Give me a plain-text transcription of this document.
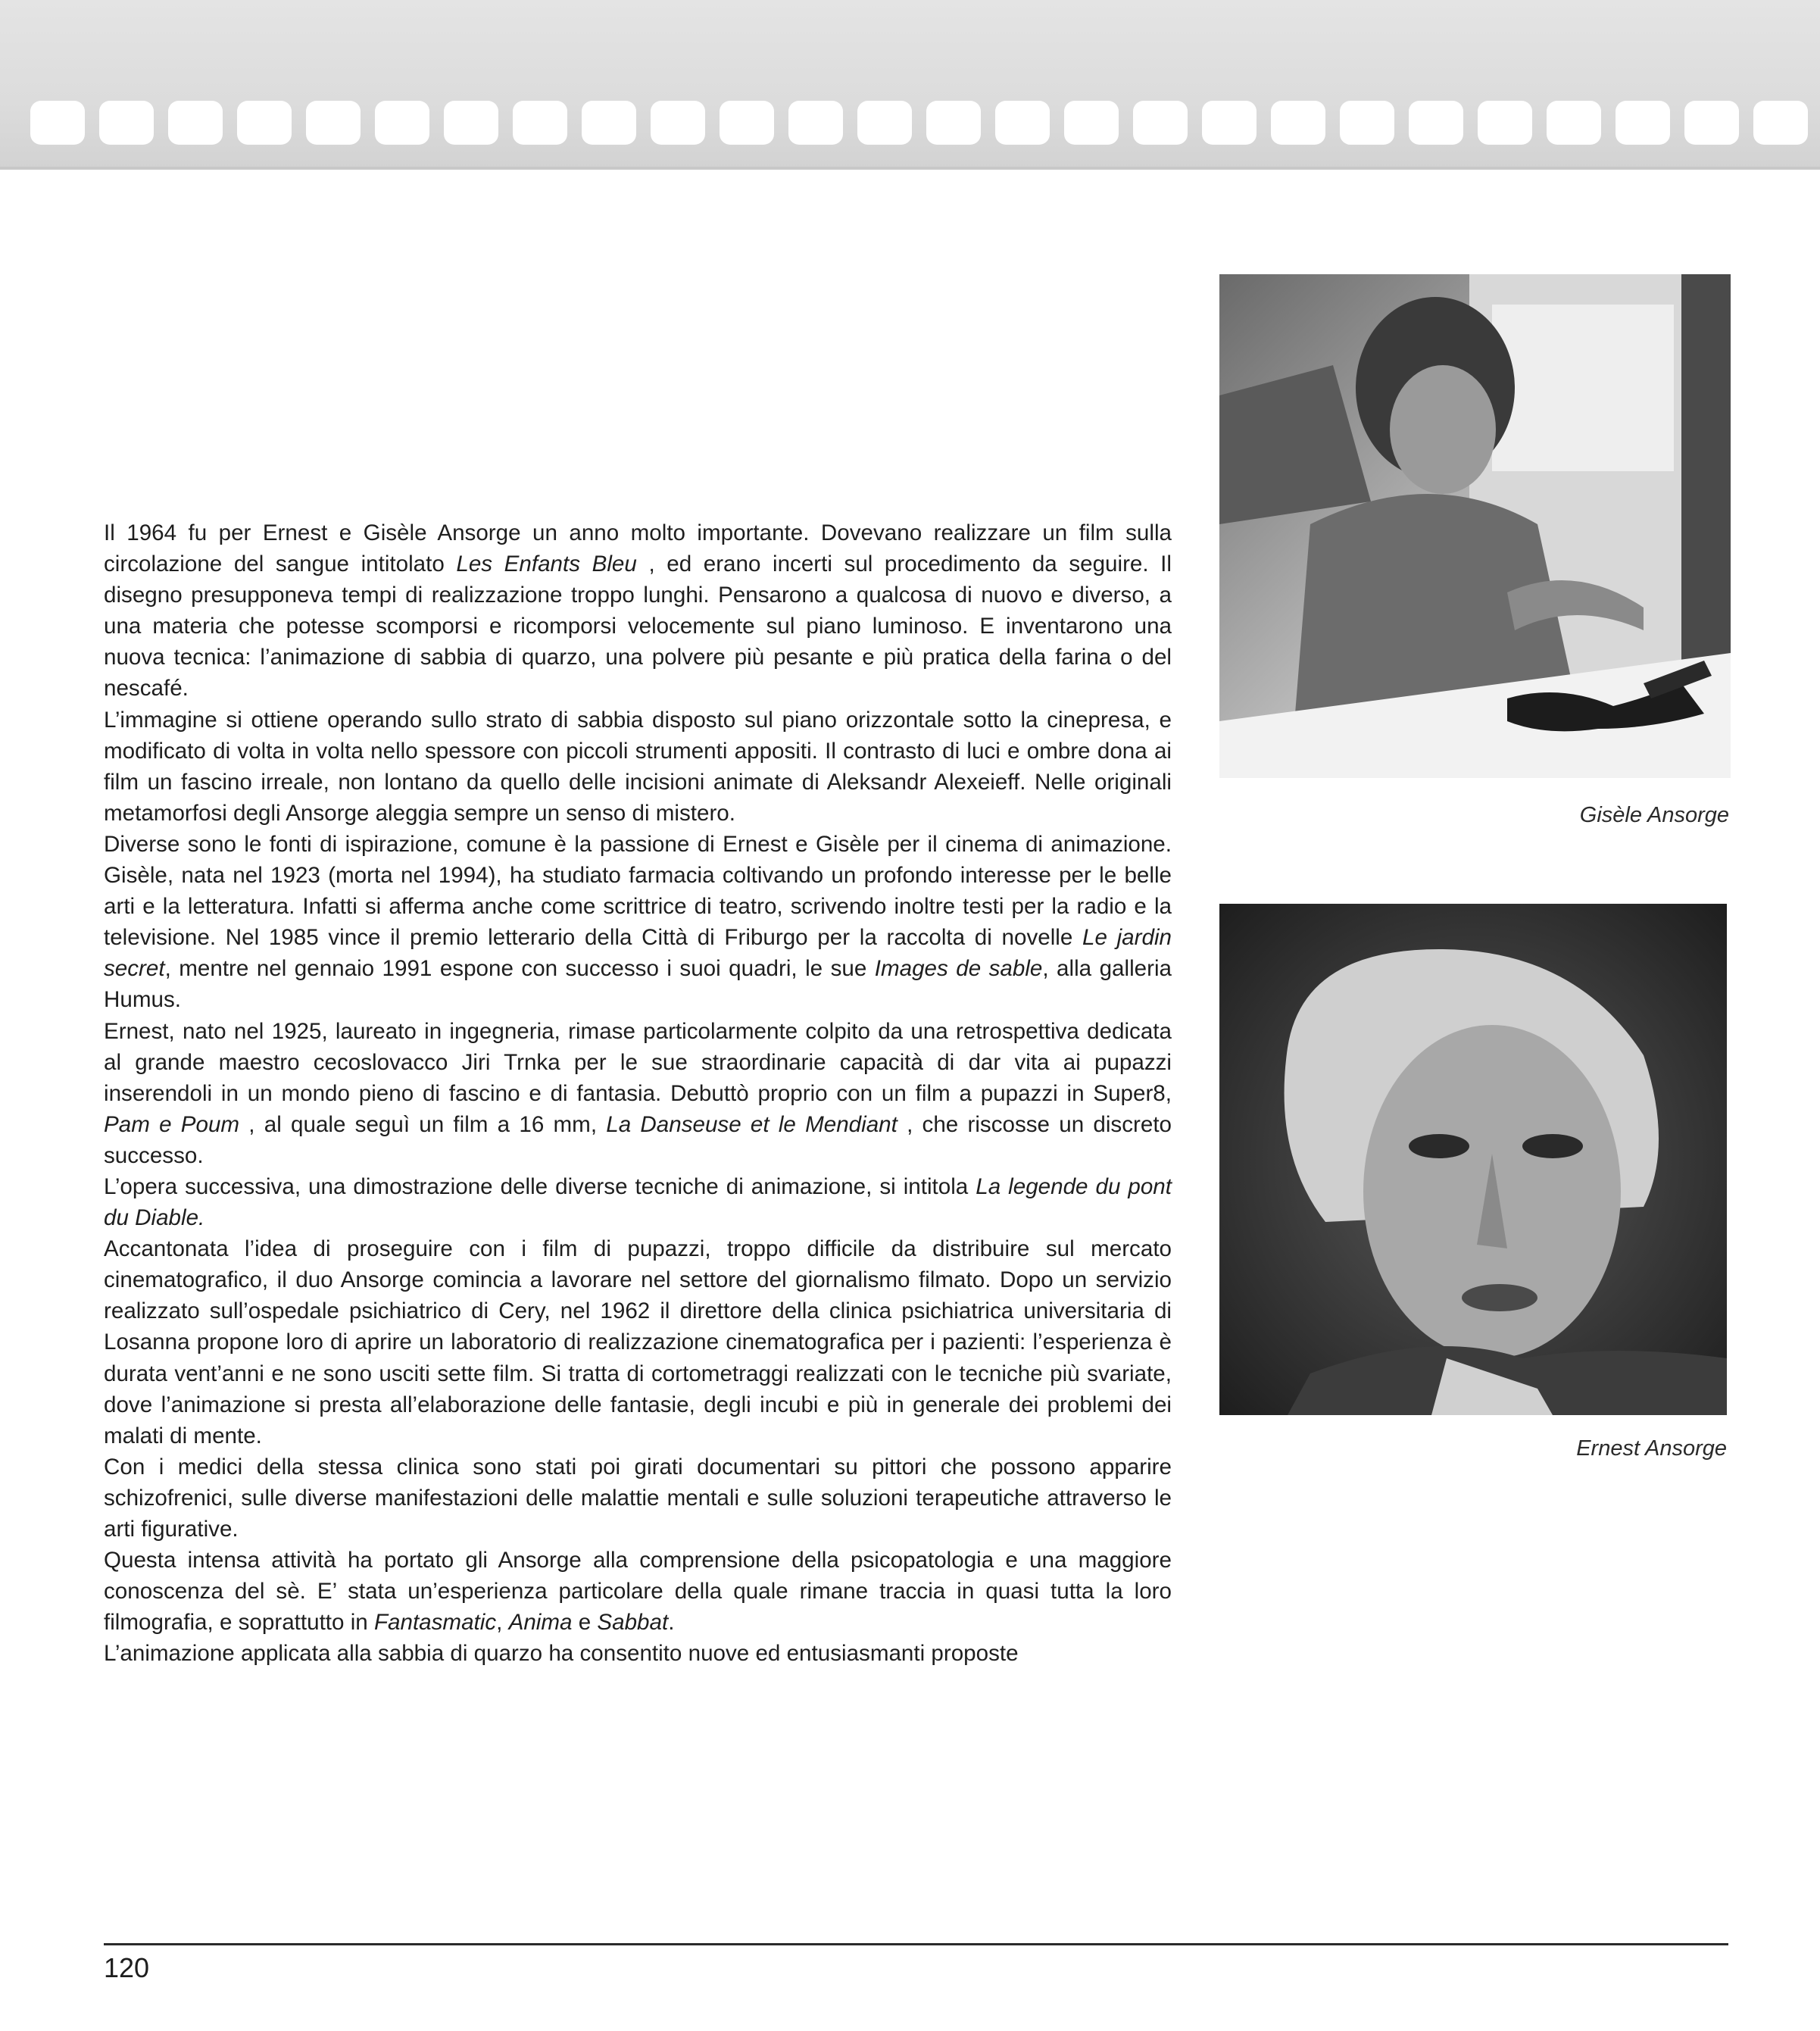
Il 1964 fu per Ernest e Gisèle Ansorge un anno molto importante. Dovevano realizzare un film sulla circolazione del sangue intitolato Les Enfants Bleu , ed erano incerti sul procedimento da seguire. Il disegno presupponeva tempi di realizzazione troppo lunghi. Pensarono a qualcosa di nuovo e diverso, a una materia che potesse scomporsi e ricomporsi velocemente sul piano luminoso. E inventarono una nuova tecnica: l’animazione di sabbia di quarzo, una polvere più pesante e più pratica della farina o del nescafé.

L’immagine si ottiene operando sullo strato di sabbia disposto sul piano orizzontale sotto la cinepresa, e modificato di volta in volta nello spessore con piccoli strumenti appositi. Il contrasto di luci e ombre dona ai film un fascino irreale, non lontano da quello delle incisioni animate di Aleksandr Alexeieff. Nelle originali metamorfosi degli Ansorge aleggia sempre un senso di mistero.

Diverse sono le fonti di ispirazione, comune è la passione di Ernest e Gisèle per il cinema di animazione. Gisèle, nata nel 1923 (morta nel 1994), ha studiato farmacia coltivando un profondo interesse per le belle arti e la letteratura. Infatti si afferma anche come scrittrice di teatro, scrivendo inoltre testi per la radio e la televisione. Nel 1985 vince il premio letterario della Città di Friburgo per la raccolta di novelle Le jardin secret, mentre nel gennaio 1991 espone con successo i suoi quadri, le sue Images de sable, alla galleria Humus.

Ernest, nato nel 1925, laureato in ingegneria, rimase particolarmente colpito da una retrospettiva dedicata al grande maestro cecoslovacco Jiri Trnka per le sue straordinarie capacità di dar vita ai pupazzi inserendoli in un mondo pieno di fascino e di fantasia. Debuttò proprio con un film a pupazzi in Super8, Pam e Poum , al quale seguì un film a 16 mm, La Danseuse et le Mendiant , che riscosse un discreto successo.

L’opera successiva, una dimostrazione delle diverse tecniche di animazione, si intitola La legende du pont du Diable.

Accantonata l’idea di proseguire con i film di pupazzi, troppo difficile da distribuire sul mercato cinematografico, il duo Ansorge comincia a lavorare nel settore del giornalismo filmato. Dopo un servizio realizzato sull’ospedale psichiatrico di Cery, nel 1962 il direttore della clinica psichiatrica universitaria di Losanna propone loro di aprire un laboratorio di realizzazione cinematografica per i pazienti: l’esperienza è durata vent’anni e ne sono usciti sette film. Si tratta di cortometraggi realizzati con le tecniche più svariate, dove l’animazione si presta all’elaborazione delle fantasie, degli incubi e più in generale dei problemi dei malati di mente.

Con i medici della stessa clinica sono stati poi girati documentari su pittori che possono apparire schizofrenici, sulle diverse manifestazioni delle malattie mentali e sulle soluzioni terapeutiche attraverso le arti figurative.

Questa intensa attività ha portato gli Ansorge alla comprensione della psicopatologia e una maggiore conoscenza del sè. E’ stata un’esperienza particolare della quale rimane traccia in quasi tutta la loro filmografia, e soprattutto in Fantasmatic, Anima e Sabbat.

L’animazione applicata alla sabbia di quarzo ha consentito nuove ed entusiasmanti proposte

Gisèle Ansorge
Ernest Ansorge
120
